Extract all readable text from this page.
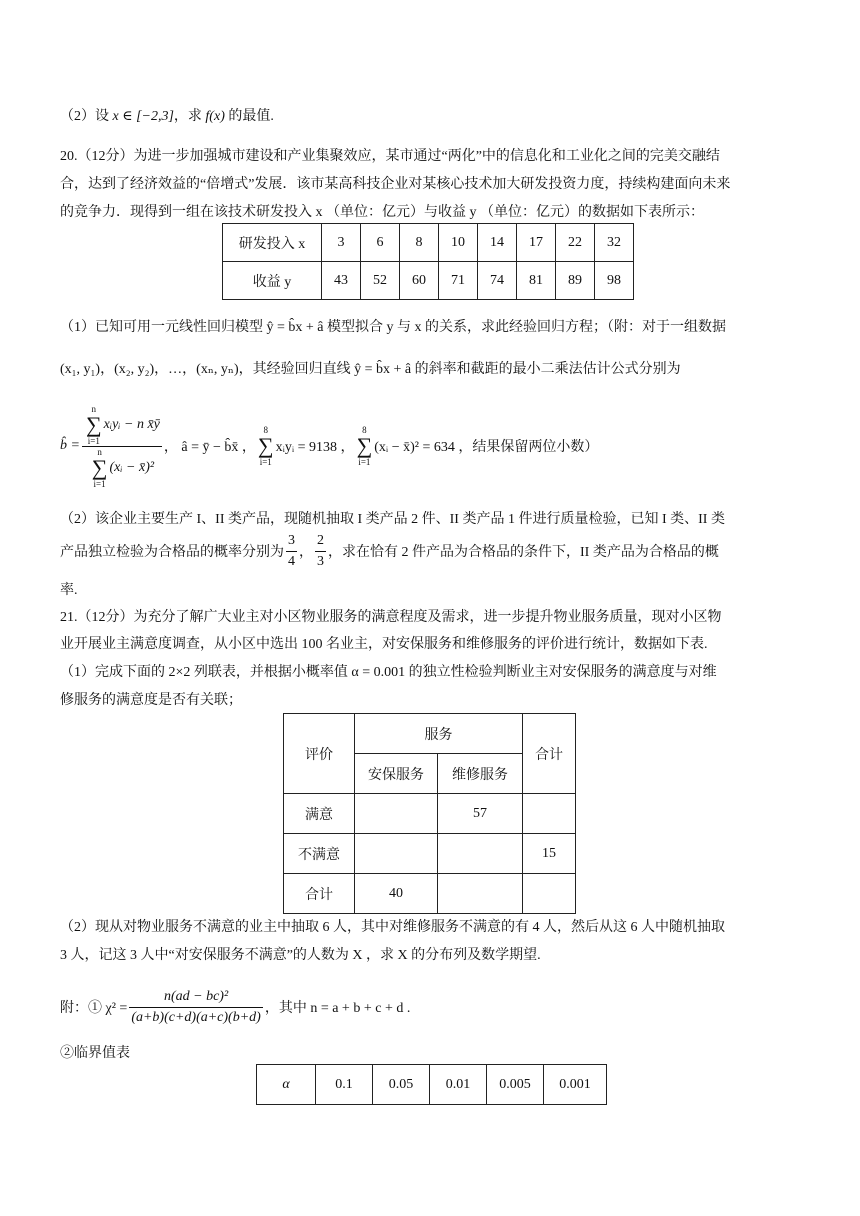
（2）设 x ∈ [−2,3]，求 f(x) 的最值.
20.（12分）为进一步加强城市建设和产业集聚效应，某市通过“两化”中的信息化和工业化之间的完美交融结
合，达到了经济效益的“倍增式”发展．该市某高科技企业对某核心技术加大研发投资力度，持续构建面向未来
的竞争力．现得到一组在该技术研发投入 x （单位：亿元）与收益 y （单位：亿元）的数据如下表所示：
研发投入 x	3	6	8	10	14	17	22	32
收益 y	43	52	60	71	74	81	89	98
（1）已知可用一元线性回归模型 ŷ = b̂x + â 模型拟合 y 与 x 的关系，求此经验回归方程；（附：对于一组数据
(x₁, y₁)，(x₂, y₂)，…，(xₙ, yₙ)，其经验回归直线 ŷ = b̂x + â 的斜率和截距的最小二乘法估计公式分别为
b̂ = n
∑
i=1
xᵢyᵢ − n x̄ȳ
n
∑
i=1
(xᵢ − x̄)² ， â = ȳ − b̂x̄ ，
8
∑
i=1
xᵢyᵢ = 9138 ，
8
∑
i=1
(xᵢ − x̄)² = 634 ，结果保留两位小数）
（2）该企业主要生产 I、II 类产品，现随机抽取 I 类产品 2 件、II 类产品 1 件进行质量检验，已知 I 类、II 类
产品独立检验为合格品的概率分别为 $\frac{3}{4}$ ， $\frac{2}{3}$ ，求在恰有 2 件产品为合格品的条件下，II 类产品为合格品的概
率.
21.（12分）为充分了解广大业主对小区物业服务的满意程度及需求，进一步提升物业服务质量，现对小区物
业开展业主满意度调查，从小区中选出 100 名业主，对安保服务和维修服务的评价进行统计，数据如下表.
（1）完成下面的 2×2 列联表，并根据小概率值 α = 0.001 的独立性检验判断业主对安保服务的满意度与对维
修服务的满意度是否有关联；
评价	服务		合计
	安保服务	维修服务	
满意		57	
不满意			15
合计	40		
（2）现从对物业服务不满意的业主中抽取 6 人，其中对维修服务不满意的有 4 人，然后从这 6 人中随机抽取
3 人，记这 3 人中“对安保服务不满意”的人数为 X ，求 X 的分布列及数学期望.
附：① $\chi^2 = \frac{\text{n(ad − bc)²}}{(a+b)(c+d)(a+c)(b+d)}$ ，其中 n = a + b + c + d .
②临界值表
α	0.1	0.05	0.01	0.005	0.001
